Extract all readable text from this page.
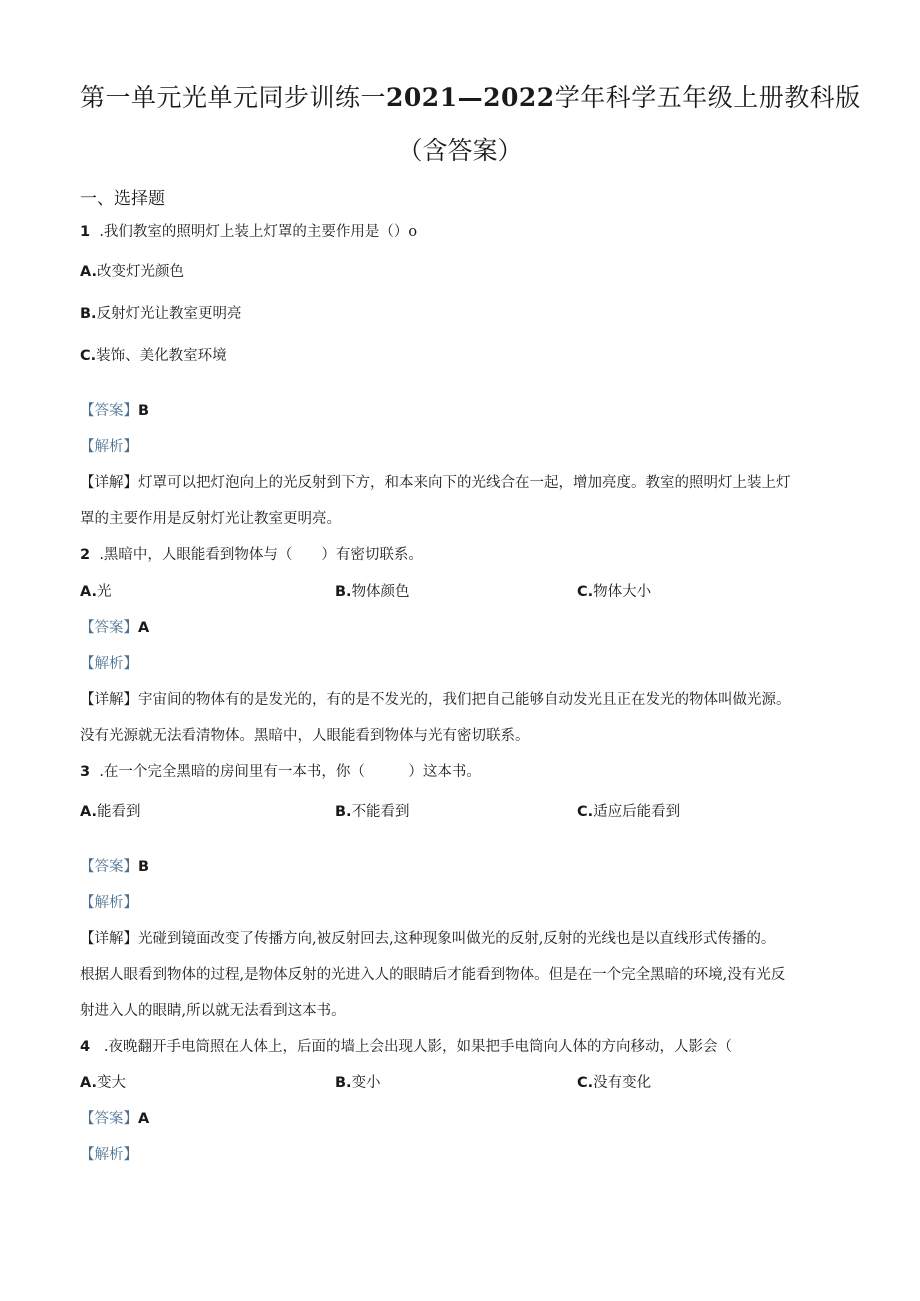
第一单元光单元同步训练一2021—2022学年科学五年级上册教科版
（含答案）
一、选择题
1 .我们教室的照明灯上装上灯罩的主要作用是（）o
A.改变灯光颜色
B.反射灯光让教室更明亮
C.装饰、美化教室环境
【答案】B
【解析】
【详解】灯罩可以把灯泡向上的光反射到下方，和本来向下的光线合在一起，增加亮度。教室的照明灯上装上灯
罩的主要作用是反射灯光让教室更明亮。
2 .黑暗中，人眼能看到物体与（　　）有密切联系。
A.光	B.物体颜色	C.物体大小
【答案】A
【解析】
【详解】宇宙间的物体有的是发光的，有的是不发光的，我们把自己能够自动发光且正在发光的物体叫做光源。
没有光源就无法看清物体。黑暗中，人眼能看到物体与光有密切联系。
3 .在一个完全黑暗的房间里有一本书，你（　　　）这本书。
A.能看到	B.不能看到	C.适应后能看到
【答案】B
【解析】
【详解】光碰到镜面改变了传播方向,被反射回去,这种现象叫做光的反射,反射的光线也是以直线形式传播的。
根据人眼看到物体的过程,是物体反射的光进入人的眼睛后才能看到物体。但是在一个完全黑暗的环境,没有光反
射进入人的眼睛,所以就无法看到这本书。
4 .夜晚翻开手电筒照在人体上，后面的墙上会出现人影，如果把手电筒向人体的方向移动，人影会（
A.变大	B.变小	C.没有变化
【答案】A
【解析】
